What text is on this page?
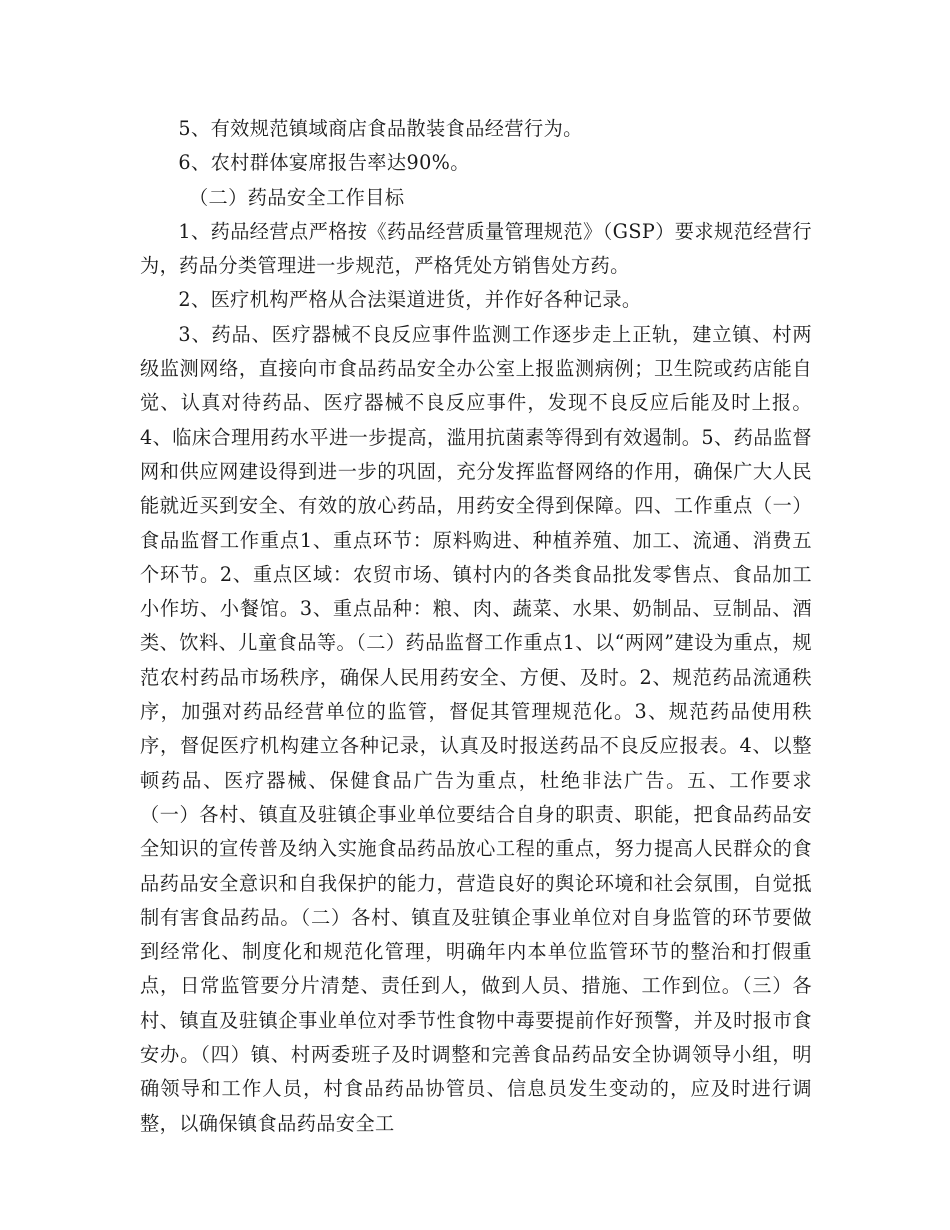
5、有效规范镇域商店食品散装食品经营行为。

6、农村群体宴席报告率达90%。

（二）药品安全工作目标

1、药品经营点严格按《药品经营质量管理规范》（GSP）要求规范经营行为，药品分类管理进一步规范，严格凭处方销售处方药。

2、医疗机构严格从合法渠道进货，并作好各种记录。

3、药品、医疗器械不良反应事件监测工作逐步走上正轨，建立镇、村两级监测网络，直接向市食品药品安全办公室上报监测病例；卫生院或药店能自觉、认真对待药品、医疗器械不良反应事件，发现不良反应后能及时上报。4、临床合理用药水平进一步提高，滥用抗菌素等得到有效遏制。5、药品监督网和供应网建设得到进一步的巩固，充分发挥监督网络的作用，确保广大人民能就近买到安全、有效的放心药品，用药安全得到保障。四、工作重点（一）食品监督工作重点1、重点环节：原料购进、种植养殖、加工、流通、消费五个环节。2、重点区域：农贸市场、镇村内的各类食品批发零售点、食品加工小作坊、小餐馆。3、重点品种：粮、肉、蔬菜、水果、奶制品、豆制品、酒类、饮料、儿童食品等。（二）药品监督工作重点1、以“两网”建设为重点，规范农村药品市场秩序，确保人民用药安全、方便、及时。2、规范药品流通秩序，加强对药品经营单位的监管，督促其管理规范化。3、规范药品使用秩序，督促医疗机构建立各种记录，认真及时报送药品不良反应报表。4、以整顿药品、医疗器械、保健食品广告为重点，杜绝非法广告。五、工作要求（一）各村、镇直及驻镇企事业单位要结合自身的职责、职能，把食品药品安全知识的宣传普及纳入实施食品药品放心工程的重点，努力提高人民群众的食品药品安全意识和自我保护的能力，营造良好的舆论环境和社会氛围，自觉抵制有害食品药品。（二）各村、镇直及驻镇企事业单位对自身监管的环节要做到经常化、制度化和规范化管理，明确年内本单位监管环节的整治和打假重点，日常监管要分片清楚、责任到人，做到人员、措施、工作到位。（三）各村、镇直及驻镇企事业单位对季节性食物中毒要提前作好预警，并及时报市食安办。（四）镇、村两委班子及时调整和完善食品药品安全协调领导小组，明确领导和工作人员，村食品药品协管员、信息员发生变动的，应及时进行调整，以确保镇食品药品安全工
